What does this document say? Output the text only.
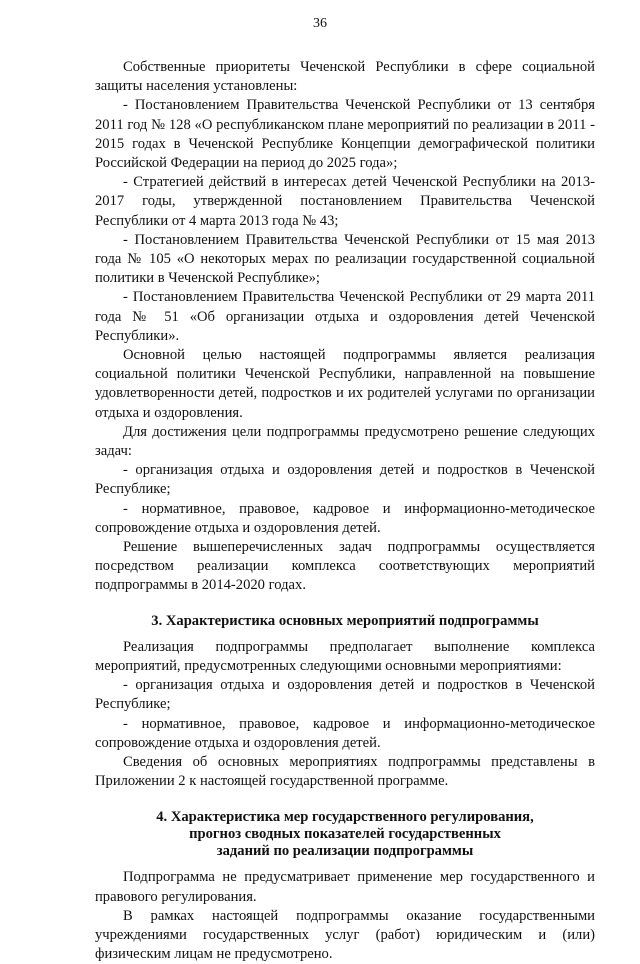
36

Собственные приоритеты Чеченской Республики в сфере социальной защиты населения установлены:

- Постановлением Правительства Чеченской Республики от 13 сентября 2011 год № 128 «О республиканском плане мероприятий по реализации в 2011 - 2015 годах в Чеченской Республике Концепции демографической политики Российской Федерации на период до 2025 года»;

- Стратегией действий в интересах детей Чеченской Республики на 2013-2017 годы, утвержденной постановлением Правительства Чеченской Республики от 4 марта 2013 года № 43;

- Постановлением Правительства Чеченской Республики от 15 мая 2013 года № 105 «О некоторых мерах по реализации государственной социальной политики в Чеченской Республике»;

- Постановлением Правительства Чеченской Республики от 29 марта 2011 года № 51 «Об организации отдыха и оздоровления детей Чеченской Республики».

Основной целью настоящей подпрограммы является реализация социальной политики Чеченской Республики, направленной на повышение удовлетворенности детей, подростков и их родителей услугами по организации отдыха и оздоровления.

Для достижения цели подпрограммы предусмотрено решение следующих задач:

- организация отдыха и оздоровления детей и подростков в Чеченской Республике;

- нормативное, правовое, кадровое и информационно-методическое сопровождение отдыха и оздоровления детей.

Решение вышеперечисленных задач подпрограммы осуществляется посредством реализации комплекса соответствующих мероприятий подпрограммы в 2014-2020 годах.

3. Характеристика основных мероприятий подпрограммы

Реализация подпрограммы предполагает выполнение комплекса мероприятий, предусмотренных следующими основными мероприятиями:

- организация отдыха и оздоровления детей и подростков в Чеченской Республике;

- нормативное, правовое, кадровое и информационно-методическое сопровождение отдыха и оздоровления детей.

Сведения об основных мероприятиях подпрограммы представлены в Приложении 2 к настоящей государственной программе.

4. Характеристика мер государственного регулирования,
прогноз сводных показателей государственных
заданий по реализации подпрограммы

Подпрограмма не предусматривает применение мер государственного и правового регулирования.

В рамках настоящей подпрограммы оказание государственными учреждениями государственных услуг (работ) юридическим и (или) физическим лицам не предусмотрено.
